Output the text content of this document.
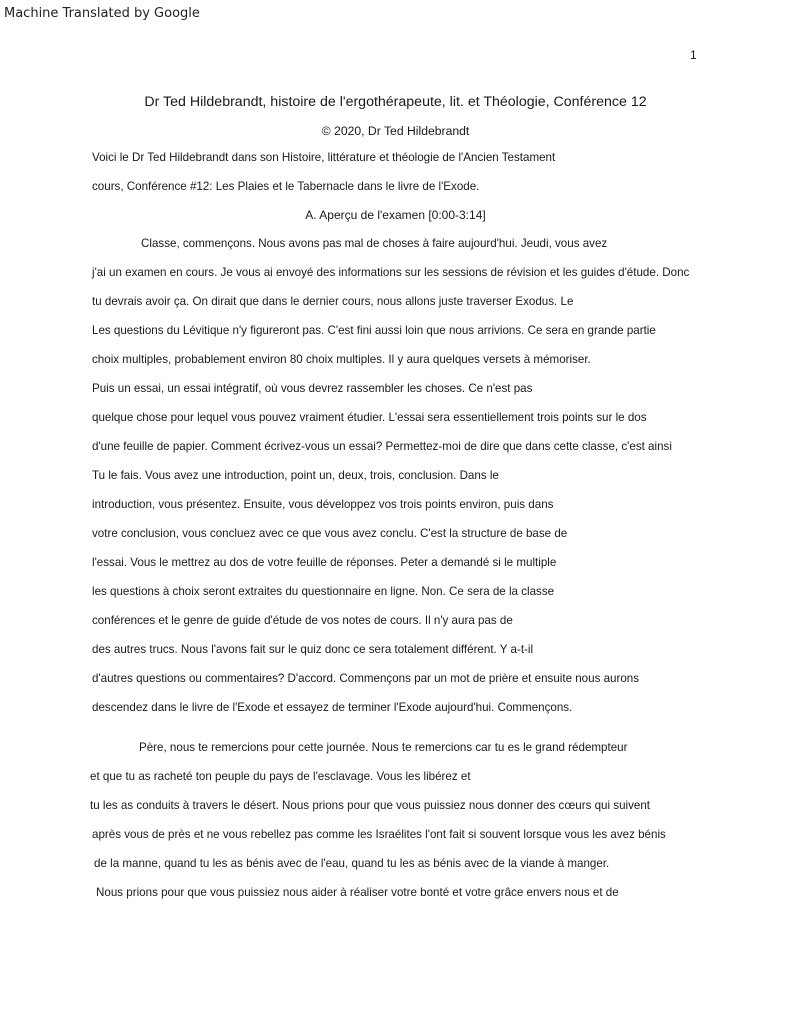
Machine Translated by Google
1
Dr Ted Hildebrandt, histoire de l'ergothérapeute, lit. et Théologie, Conférence 12
© 2020, Dr Ted Hildebrandt
Voici le Dr Ted Hildebrandt dans son Histoire, littérature et théologie de l'Ancien Testament
cours, Conférence #12: Les Plaies et le Tabernacle dans le livre de l'Exode.
A. Aperçu de l'examen [0:00-3:14]
Classe, commençons. Nous avons pas mal de choses à faire aujourd'hui. Jeudi, vous avez
j'ai un examen en cours. Je vous ai envoyé des informations sur les sessions de révision et les guides d'étude. Donc
tu devrais avoir ça. On dirait que dans le dernier cours, nous allons juste traverser Exodus. Le
Les questions du Lévitique n'y figureront pas. C'est fini aussi loin que nous arrivions. Ce sera en grande partie
choix multiples, probablement environ 80 choix multiples. Il y aura quelques versets à mémoriser.
Puis un essai, un essai intégratif, où vous devrez rassembler les choses. Ce n'est pas
quelque chose pour lequel vous pouvez vraiment étudier. L'essai sera essentiellement trois points sur le dos
d'une feuille de papier. Comment écrivez-vous un essai? Permettez-moi de dire que dans cette classe, c'est ainsi
Tu le fais. Vous avez une introduction, point un, deux, trois, conclusion. Dans le
introduction, vous présentez. Ensuite, vous développez vos trois points environ, puis dans
votre conclusion, vous concluez avec ce que vous avez conclu. C'est la structure de base de
l'essai. Vous le mettrez au dos de votre feuille de réponses. Peter a demandé si le multiple
les questions à choix seront extraites du questionnaire en ligne. Non. Ce sera de la classe
conférences et le genre de guide d'étude de vos notes de cours. Il n'y aura pas de
des autres trucs. Nous l'avons fait sur le quiz donc ce sera totalement différent. Y a-t-il
d'autres questions ou commentaires? D'accord. Commençons par un mot de prière et ensuite nous aurons
descendez dans le livre de l'Exode et essayez de terminer l'Exode aujourd'hui. Commençons.
Père, nous te remercions pour cette journée. Nous te remercions car tu es le grand rédempteur
et que tu as racheté ton peuple du pays de l'esclavage. Vous les libérez et
tu les as conduits à travers le désert. Nous prions pour que vous puissiez nous donner des cœurs qui suivent
après vous de près et ne vous rebellez pas comme les Israélites l'ont fait si souvent lorsque vous les avez bénis
de la manne, quand tu les as bénis avec de l'eau, quand tu les as bénis avec de la viande à manger.
Nous prions pour que vous puissiez nous aider à réaliser votre bonté et votre grâce envers nous et de
